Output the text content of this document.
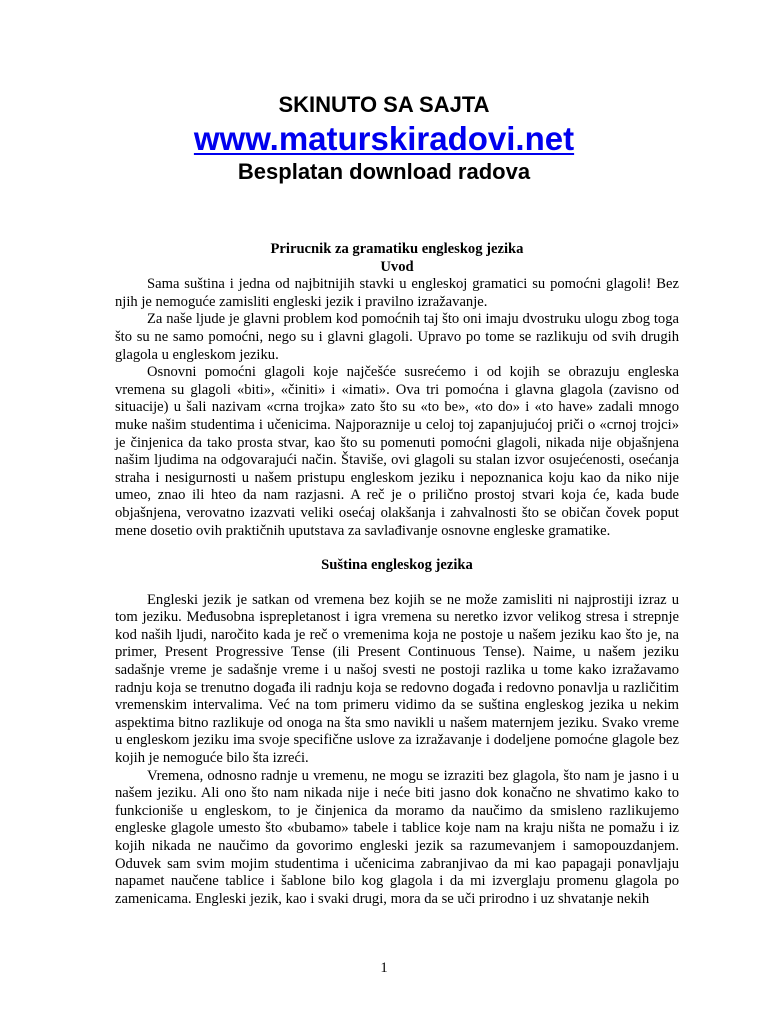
SKINUTO SA SAJTA
www.maturskiradovi.net
Besplatan download radova
Prirucnik za gramatiku engleskog jezika
Uvod

Sama suština i jedna od najbitnijih stavki u engleskoj gramatici su pomoćni glagoli! Bez njih je nemoguće zamisliti engleski jezik i pravilno izražavanje.

Za naše ljude je glavni problem kod pomoćnih taj što oni imaju dvostruku ulogu zbog toga što su ne samo pomoćni, nego su i glavni glagoli. Upravo po tome se razlikuju od svih drugih glagola u engleskom jeziku.

Osnovni pomoćni glagoli koje najčešće susrećemo i od kojih se obrazuju engleska vremena su glagoli «biti», «činiti» i «imati». Ova tri pomoćna i glavna glagola (zavisno od situacije) u šali nazivam «crna trojka» zato što su «to be», «to do» i «to have» zadali mnogo muke našim studentima i učenicima. Najporaznije u celoj toj zapanjujućoj priči o «crnoj trojci» je činjenica da tako prosta stvar, kao što su pomenuti pomoćni glagoli, nikada nije objašnjena našim ljudima na odgovarajući način. Štaviše, ovi glagoli su stalan izvor osujećenosti, osećanja straha i nesigurnosti u našem pristupu engleskom jeziku i nepoznanica koju kao da niko nije umeo, znao ili hteo da nam razjasni. A reč je o prilično prostoj stvari koja će, kada bude objašnjena, verovatno izazvati veliki osećaj olakšanja i zahvalnosti što se običan čovek poput mene dosetio ovih praktičnih uputstava za savlađivanje osnovne engleske gramatike.

Suština engleskog jezika

Engleski jezik je satkan od vremena bez kojih se ne može zamisliti ni najprostiji izraz u tom jeziku. Međusobna isprepletanost i igra vremena su neretko izvor velikog stresa i strepnje kod naših ljudi, naročito kada je reč o vremenima koja ne postoje u našem jeziku kao što je, na primer, Present Progressive Tense (ili Present Continuous Tense). Naime, u našem jeziku sadašnje vreme je sadašnje vreme i u našoj svesti ne postoji razlika u tome kako izražavamo radnju koja se trenutno događa ili radnju koja se redovno događa i redovno ponavlja u različitim vremenskim intervalima. Već na tom primeru vidimo da se suština engleskog jezika u nekim aspektima bitno razlikuje od onoga na šta smo navikli u našem maternjem jeziku. Svako vreme u engleskom jeziku ima svoje specifične uslove za izražavanje i dodeljene pomoćne glagole bez kojih je nemoguće bilo šta izreći.

Vremena, odnosno radnje u vremenu, ne mogu se izraziti bez glagola, što nam je jasno i u našem jeziku. Ali ono što nam nikada nije i neće biti jasno dok konačno ne shvatimo kako to funkcioniše u engleskom, to je činjenica da moramo da naučimo da smisleno razlikujemo engleske glagole umesto što «bubamo» tabele i tablice koje nam na kraju ništa ne pomažu i iz kojih nikada ne naučimo da govorimo engleski jezik sa razumevanjem i samopouzdanjem. Oduvek sam svim mojim studentima i učenicima zabranjivao da mi kao papagaji ponavljaju napamet naučene tablice i šablone bilo kog glagola i da mi izverglaju promenu glagola po zamenicama. Engleski jezik, kao i svaki drugi, mora da se uči prirodno i uz shvatanje nekih

1
